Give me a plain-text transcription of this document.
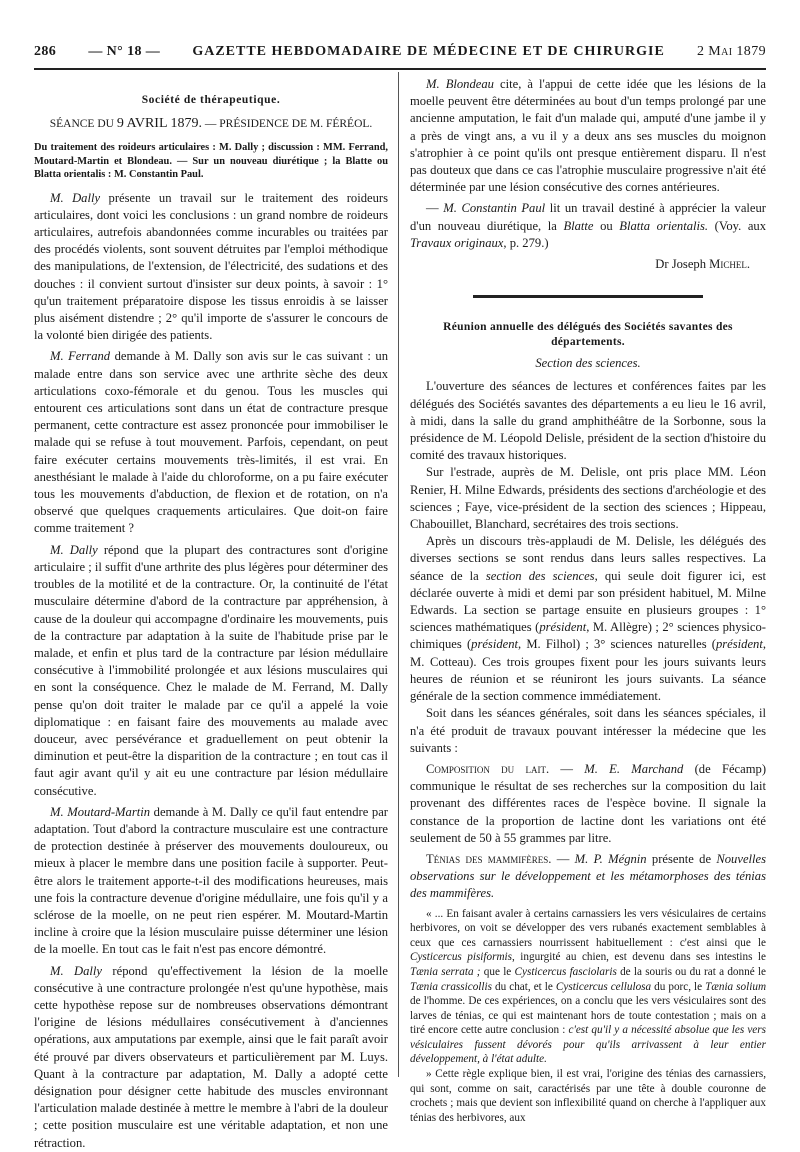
286 — N° 18 — GAZETTE HEBDOMADAIRE DE MÉDECINE ET DE CHIRURGIE 2 Mai 1879

Société de thérapeutique.

SÉANCE DU 9 AVRIL 1879. — PRÉSIDENCE DE M. FÉRÉOL.

Du traitement des roideurs articulaires : M. Dally ; discussion : MM. Ferrand, Moutard-Martin et Blondeau. — Sur un nouveau diurétique ; la Blatte ou Blatta orientalis : M. Constantin Paul.

M. Dally présente un travail sur le traitement des roideurs articulaires, dont voici les conclusions : un grand nombre de roideurs articulaires, autrefois abandonnées comme incurables ou traitées par des procédés violents, sont souvent détruites par l'emploi méthodique des manipulations, de l'extension, de l'électricité, des sudations et des douches : il convient surtout d'insister sur deux points, à savoir : 1° qu'un traitement préparatoire dispose les tissus enroidis à se laisser plus aisément distendre ; 2° qu'il importe de s'assurer le concours de la volonté bien dirigée des patients.

M. Ferrand demande à M. Dally son avis sur le cas suivant : un malade entre dans son service avec une arthrite sèche des deux articulations coxo-fémorale et du genou. Tous les muscles qui entourent ces articulations sont dans un état de contracture presque permanent, cette contracture est assez prononcée pour immobiliser le malade qui se refuse à tout mouvement. Parfois, cependant, on peut faire exécuter certains mouvements très-limités, il est vrai. En anesthésiant le malade à l'aide du chloroforme, on a pu faire exécuter tous les mouvements d'abduction, de flexion et de rotation, on n'a observé que quelques craquements articulaires. Que doit-on faire comme traitement ?

M. Dally répond que la plupart des contractures sont d'origine articulaire ; il suffit d'une arthrite des plus légères pour déterminer des troubles de la motilité et de la contracture. Or, la continuité de l'état musculaire détermine d'abord de la contracture par appréhension, à cause de la douleur qui accompagne d'ordinaire les mouvements, puis de la contracture par adaptation à la suite de l'habitude prise par le malade, et enfin et plus tard de la contracture par lésion médullaire consécutive à l'immobilité prolongée et aux lésions musculaires qui en sont la conséquence. Chez le malade de M. Ferrand, M. Dally pense qu'on doit traiter le malade par ce qu'il a appelé la voie diplomatique : en faisant faire des mouvements au malade avec douceur, avec persévérance et graduellement on peut obtenir la diminution et peut-être la disparition de la contracture ; en tout cas il faut agir avant qu'il y ait eu une contracture par lésion médullaire consécutive.

M. Moutard-Martin demande à M. Dally ce qu'il faut entendre par adaptation. Tout d'abord la contracture musculaire est une contracture de protection destinée à préserver des mouvements douloureux, ou mieux à placer le membre dans une position facile à supporter. Peut-être alors le traitement apporte-t-il des modifications heureuses, mais une fois la contracture devenue d'origine médullaire, une fois qu'il y a sclérose de la moelle, on ne peut rien espérer. M. Moutard-Martin incline à croire que la lésion musculaire puisse déterminer une lésion de la moelle. En tout cas le fait n'est pas encore démontré.

M. Dally répond qu'effectivement la lésion de la moelle consécutive à une contracture prolongée n'est qu'une hypothèse, mais cette hypothèse repose sur de nombreuses observations démontrant l'origine de lésions médullaires consécutivement à d'anciennes opérations, aux amputations par exemple, ainsi que le fait paraît avoir été prouvé par divers observateurs et particulièrement par M. Luys. Quant à la contracture par adaptation, M. Dally a adopté cette désignation pour désigner cette habitude des muscles environnant l'articulation malade destinée à mettre le membre à l'abri de la douleur ; cette position musculaire est une véritable adaptation, et non une rétraction.

M. Blondeau cite, à l'appui de cette idée que les lésions de la moelle peuvent être déterminées au bout d'un temps prolongé par une ancienne amputation, le fait d'un malade qui, amputé d'une jambe il y a près de vingt ans, a vu il y a deux ans ses muscles du moignon s'atrophier à ce point qu'ils ont presque entièrement disparu. Il n'est pas douteux que dans ce cas l'atrophie musculaire progressive n'ait été déterminée par une lésion consécutive des cornes antérieures.

— M. Constantin Paul lit un travail destiné à apprécier la valeur d'un nouveau diurétique, la Blatte ou Blatta orientalis. (Voy. aux Travaux originaux, p. 279.)

Dr Joseph Michel.

Réunion annuelle des délégués des Sociétés savantes des départements.

Section des sciences.

L'ouverture des séances de lectures et conférences faites par les délégués des Sociétés savantes des départements a eu lieu le 16 avril, à midi, dans la salle du grand amphithéâtre de la Sorbonne, sous la présidence de M. Léopold Delisle, président de la section d'histoire du comité des travaux historiques.

Sur l'estrade, auprès de M. Delisle, ont pris place MM. Léon Renier, H. Milne Edwards, présidents des sections d'archéologie et des sciences ; Faye, vice-président de la section des sciences ; Hippeau, Chabouillet, Blanchard, secrétaires des trois sections.

Après un discours très-applaudi de M. Delisle, les délégués des diverses sections se sont rendus dans leurs salles respectives. La séance de la section des sciences, qui seule doit figurer ici, est déclarée ouverte à midi et demi par son président habituel, M. Milne Edwards. La section se partage ensuite en plusieurs groupes : 1° sciences mathématiques (président, M. Allègre) ; 2° sciences physico-chimiques (président, M. Filhol) ; 3° sciences naturelles (président, M. Cotteau). Ces trois groupes fixent pour les jours suivants leurs heures de réunion et se réuniront les jours suivants. La séance générale de la section commence immédiatement.

Soit dans les séances générales, soit dans les séances spéciales, il n'a été produit de travaux pouvant intéresser la médecine que les suivants :

Composition du lait. — M. E. Marchand (de Fécamp) communique le résultat de ses recherches sur la composition du lait provenant des différentes races de l'espèce bovine. Il signale la constance de la proportion de lactine dont les variations ont été seulement de 50 à 55 grammes par litre.

Ténias des mammifères. — M. P. Mégnin présente de Nouvelles observations sur le développement et les métamorphoses des ténias des mammifères.

« ... En faisant avaler à certains carnassiers les vers vésiculaires de certains herbivores, on voit se développer des vers rubanés exactement semblables à ceux que ces carnassiers nourrissent habituellement : c'est ainsi que le Cysticercus pisiformis, ingurgité au chien, est devenu dans ses intestins le Tænia serrata ; que le Cysticercus fasciolaris de la souris ou du rat a donné le Tænia crassicollis du chat, et le Cysticercus cellulosa du porc, le Tænia solium de l'homme. De ces expériences, on a conclu que les vers vésiculaires sont des larves de ténias, ce qui est maintenant hors de toute contestation ; mais on a tiré encore cette autre conclusion : c'est qu'il y a nécessité absolue que les vers vésiculaires fussent dévorés pour qu'ils arrivassent à leur entier développement, à l'état adulte.

» Cette règle explique bien, il est vrai, l'origine des ténias des carnassiers, qui sont, comme on sait, caractérisés par une tête à double couronne de crochets ; mais que devient son inflexibilité quand on cherche à l'appliquer aux ténias des herbivores, aux
